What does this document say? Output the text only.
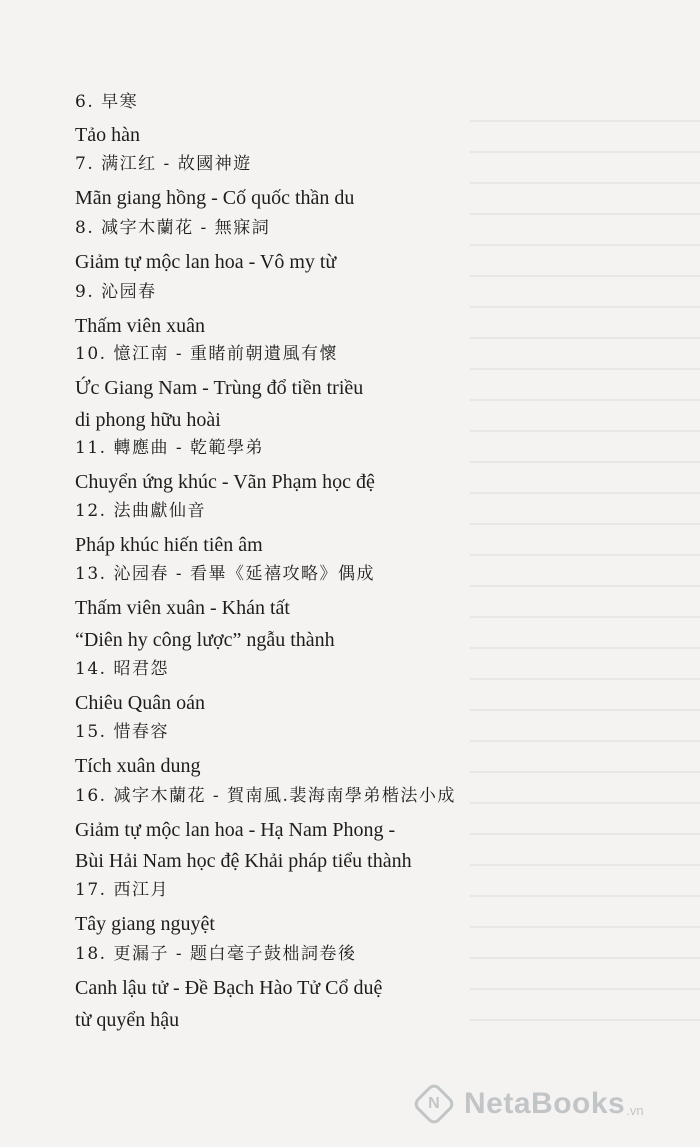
6. 早寒
Tảo hàn
7. 满江红 - 故國神遊
Mãn giang hồng - Cố quốc thần du
8. 减字木蘭花 - 無寐詞
Giảm tự mộc lan hoa - Vô my từ
9. 沁园春
Thấm viên xuân
10. 憶江南 - 重睹前朝遺風有懷
Ức Giang Nam - Trùng đổ tiền triều
di phong hữu hoài
11. 轉應曲 - 乾範學弟
Chuyển ứng khúc - Vãn Phạm học đệ
12. 法曲獻仙音
Pháp khúc hiến tiên âm
13. 沁园春 - 看畢《延禧攻略》偶成
Thấm viên xuân - Khán tất
“Diên hy công lược” ngẫu thành
14. 昭君怨
Chiêu Quân oán
15. 惜春容
Tích xuân dung
16. 减字木蘭花 - 賀南風.裴海南學弟楷法小成
Giảm tự mộc lan hoa - Hạ Nam Phong -
Bùi Hải Nam học đệ Khải pháp tiểu thành
17. 西江月
Tây giang nguyệt
18. 更漏子 - 题白毫子鼓柮詞卷後
Canh lậu tử - Đề Bạch Hào Tử Cổ duệ
từ quyển hậu
N NetaBooks .vn
